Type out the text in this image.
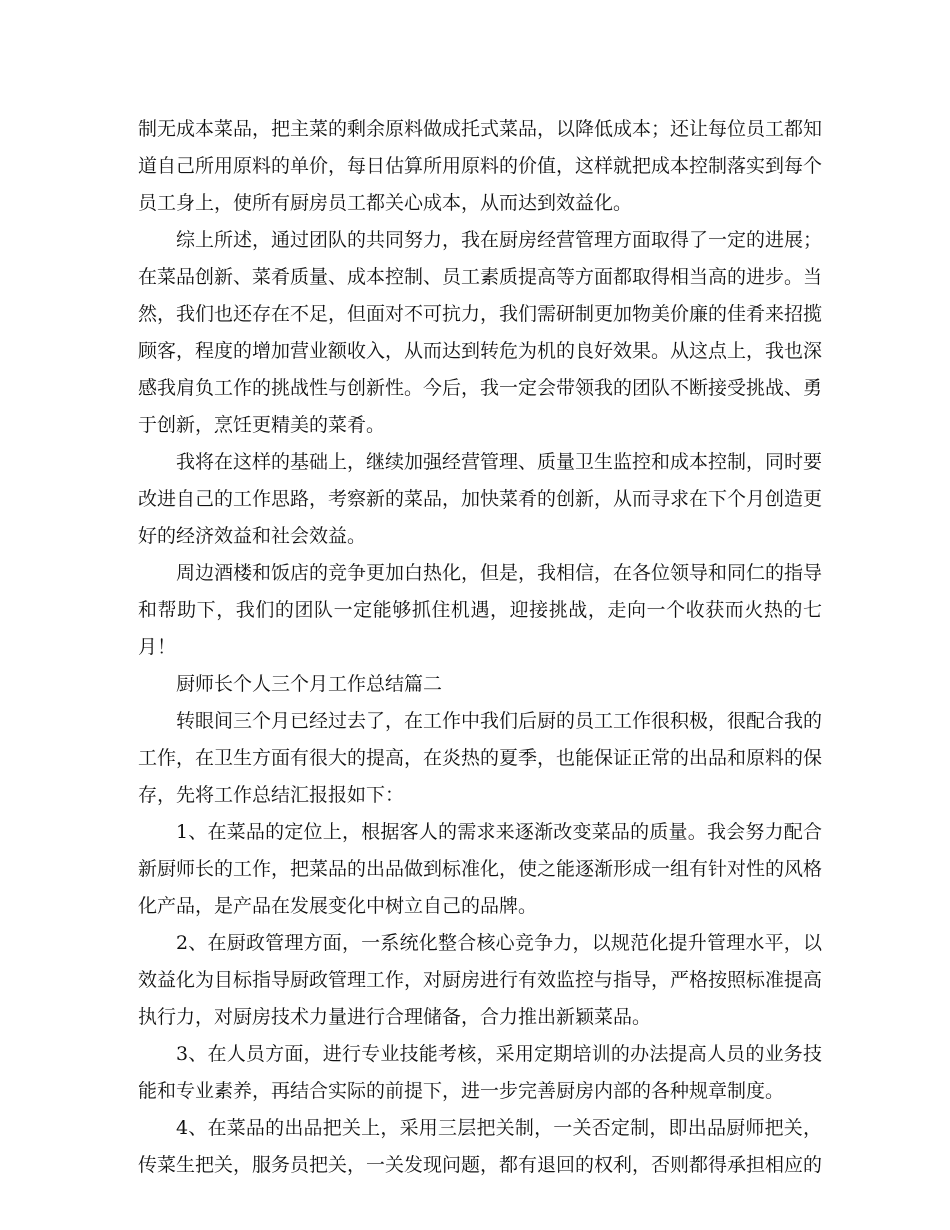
制无成本菜品，把主菜的剩余原料做成托式菜品，以降低成本；还让每位员工都知道自己所用原料的单价，每日估算所用原料的价值，这样就把成本控制落实到每个员工身上，使所有厨房员工都关心成本，从而达到效益化。

综上所述，通过团队的共同努力，我在厨房经营管理方面取得了一定的进展；在菜品创新、菜肴质量、成本控制、员工素质提高等方面都取得相当高的进步。当然，我们也还存在不足，但面对不可抗力，我们需研制更加物美价廉的佳肴来招揽顾客，程度的增加营业额收入，从而达到转危为机的良好效果。从这点上，我也深感我肩负工作的挑战性与创新性。今后，我一定会带领我的团队不断接受挑战、勇于创新，烹饪更精美的菜肴。

我将在这样的基础上，继续加强经营管理、质量卫生监控和成本控制，同时要改进自己的工作思路，考察新的菜品，加快菜肴的创新，从而寻求在下个月创造更好的经济效益和社会效益。

周边酒楼和饭店的竞争更加白热化，但是，我相信，在各位领导和同仁的指导和帮助下，我们的团队一定能够抓住机遇，迎接挑战，走向一个收获而火热的七月！

厨师长个人三个月工作总结篇二

转眼间三个月已经过去了，在工作中我们后厨的员工工作很积极，很配合我的工作，在卫生方面有很大的提高，在炎热的夏季，也能保证正常的出品和原料的保存，先将工作总结汇报报如下：

1、在菜品的定位上，根据客人的需求来逐渐改变菜品的质量。我会努力配合新厨师长的工作，把菜品的出品做到标准化，使之能逐渐形成一组有针对性的风格化产品，是产品在发展变化中树立自己的品牌。

2、在厨政管理方面，一系统化整合核心竞争力，以规范化提升管理水平，以效益化为目标指导厨政管理工作，对厨房进行有效监控与指导，严格按照标准提高执行力，对厨房技术力量进行合理储备，合力推出新颖菜品。

3、在人员方面，进行专业技能考核，采用定期培训的办法提高人员的业务技能和专业素养，再结合实际的前提下，进一步完善厨房内部的各种规章制度。

4、在菜品的出品把关上，采用三层把关制，一关否定制，即出品厨师把关，传菜生把关，服务员把关，一关发现问题，都有退回的权利，否则都得承担相应的
